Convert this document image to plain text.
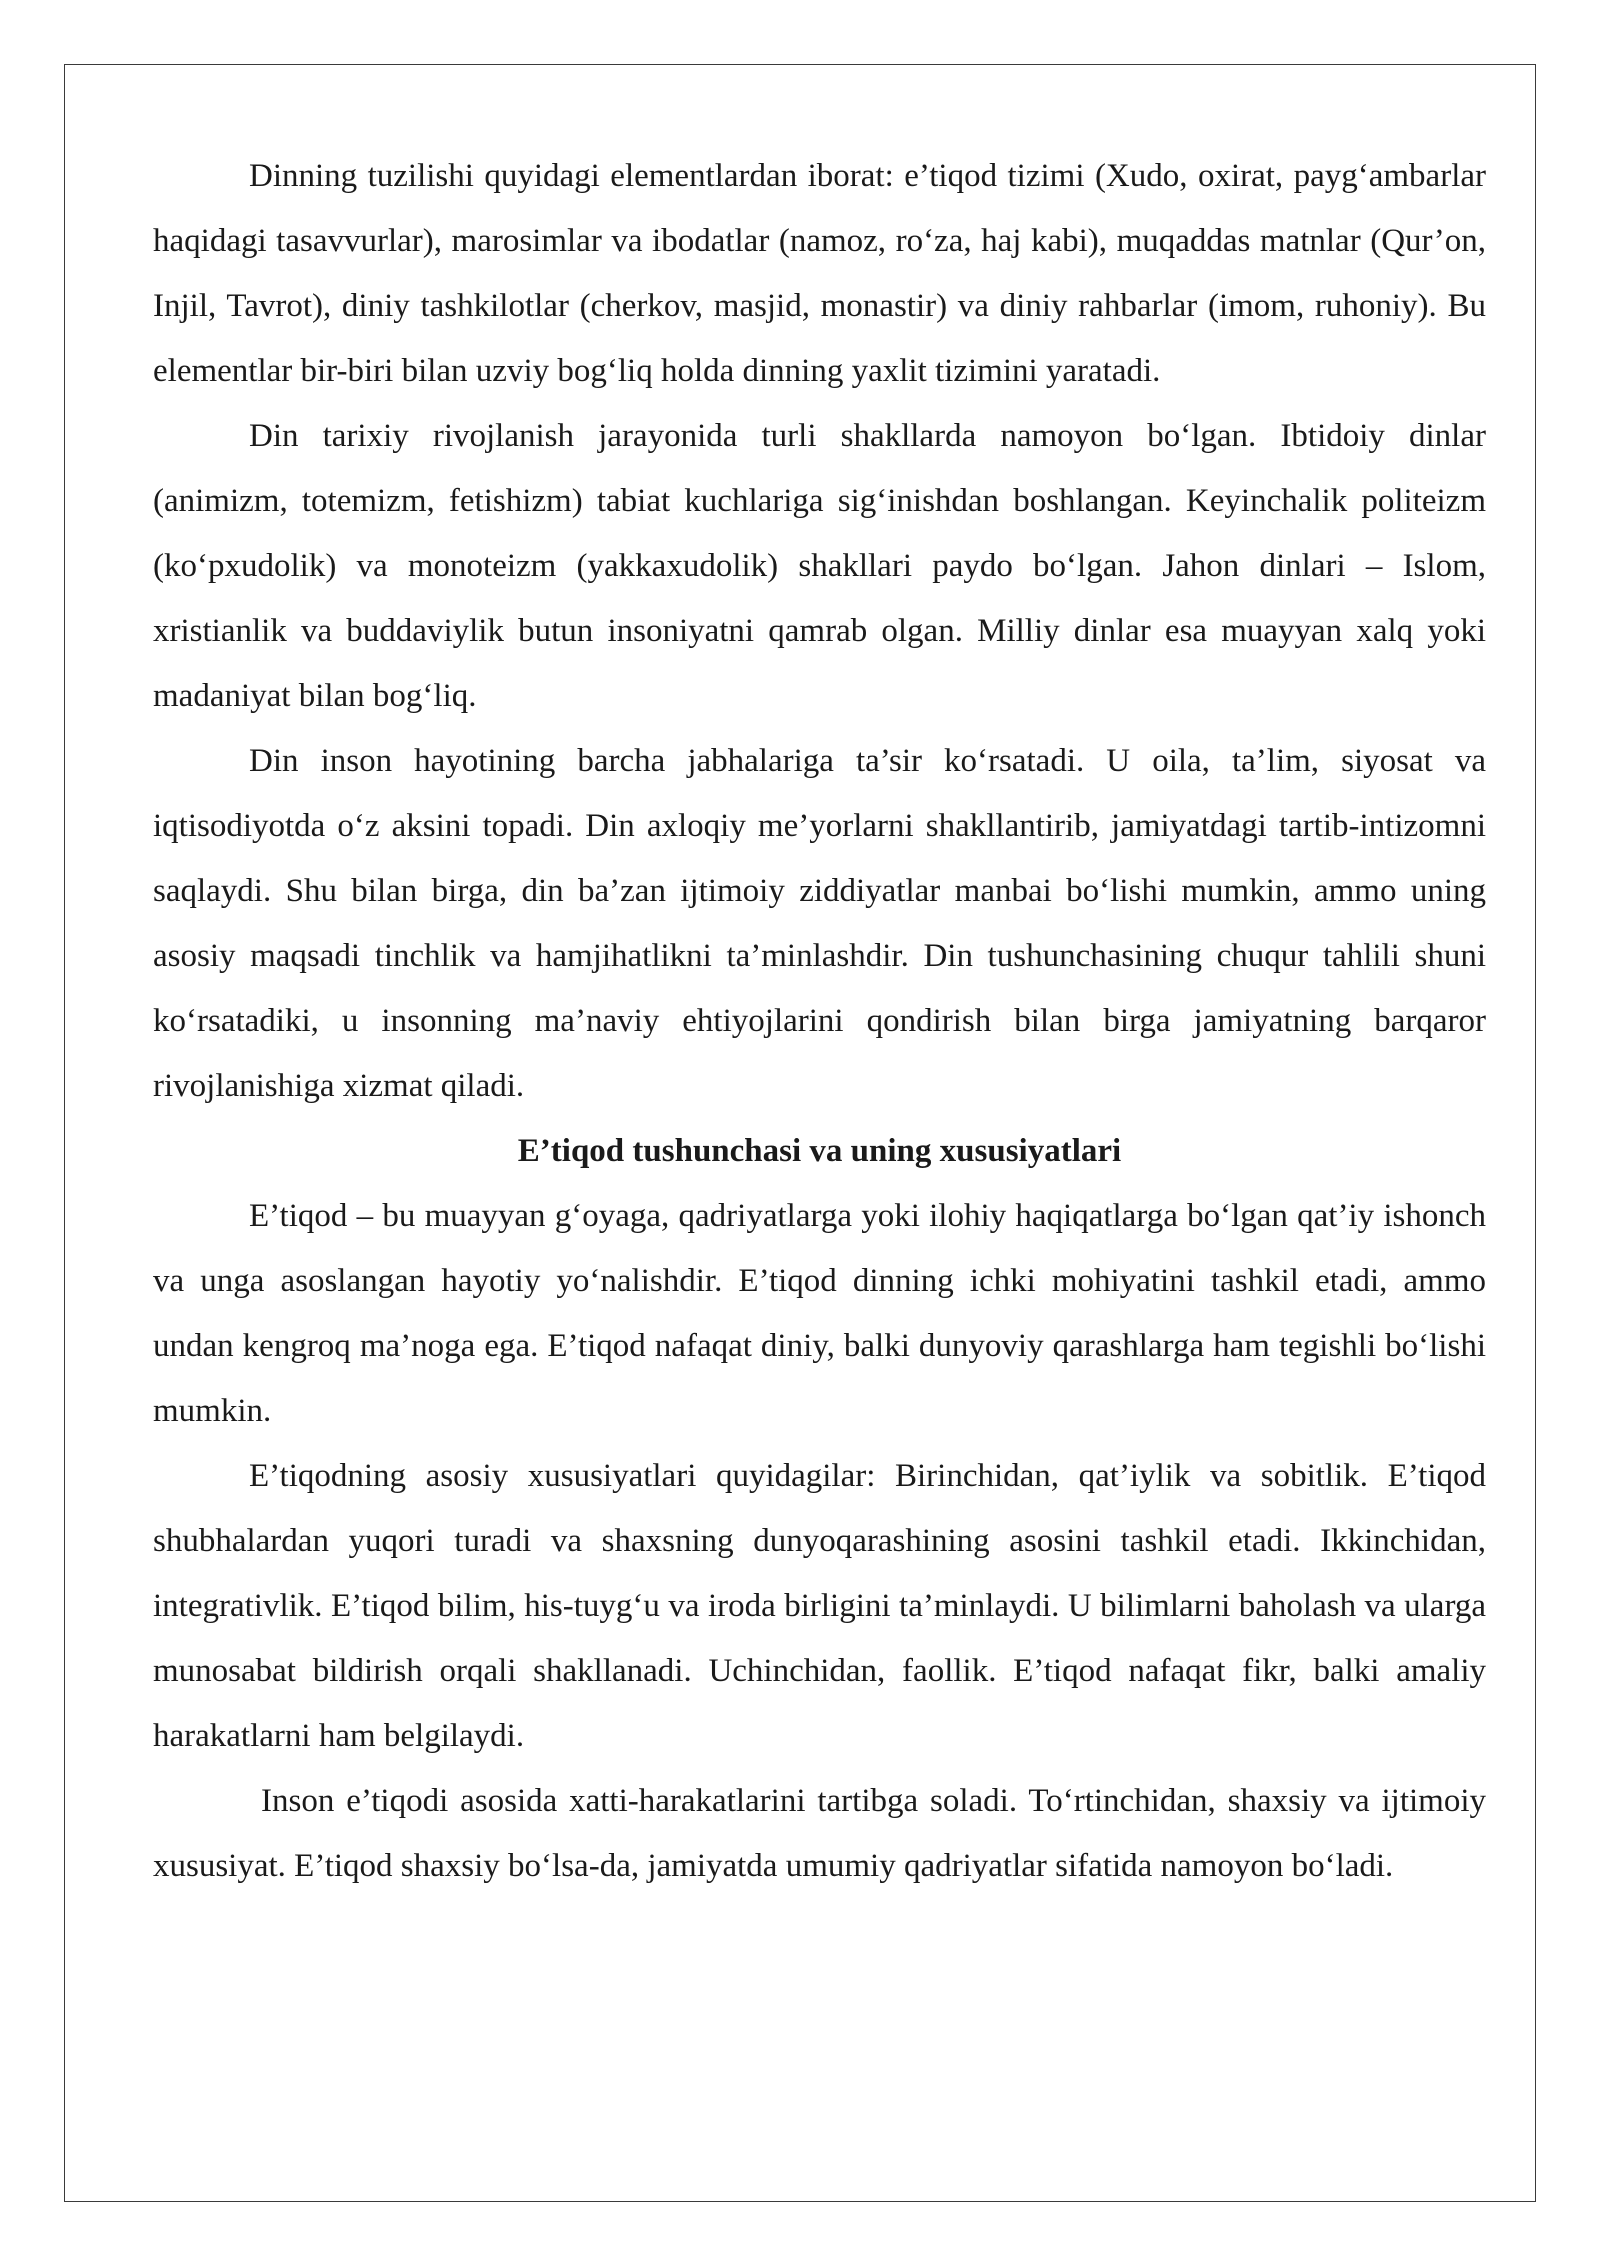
Dinning tuzilishi quyidagi elementlardan iborat: e’tiqod tizimi (Xudo, oxirat, payg‘ambarlar haqidagi tasavvurlar), marosimlar va ibodatlar (namoz, ro‘za, haj kabi), muqaddas matnlar (Qur’on, Injil, Tavrot), diniy tashkilotlar (cherkov, masjid, monastir) va diniy rahbarlar (imom, ruhoniy). Bu elementlar bir-biri bilan uzviy bog‘liq holda dinning yaxlit tizimini yaratadi.

Din tarixiy rivojlanish jarayonida turli shakllarda namoyon bo‘lgan. Ibtidoiy dinlar (animizm, totemizm, fetishizm) tabiat kuchlariga sig‘inishdan boshlangan. Keyinchalik politeizm (ko‘pxudolik) va monoteizm (yakkaxudolik) shakllari paydo bo‘lgan. Jahon dinlari – Islom, xristianlik va buddaviylik butun insoniyatni qamrab olgan. Milliy dinlar esa muayyan xalq yoki madaniyat bilan bog‘liq.

Din inson hayotining barcha jabhalariga ta’sir ko‘rsatadi. U oila, ta’lim, siyosat va iqtisodiyotda o‘z aksini topadi. Din axloqiy me’yorlarni shakllantirib, jamiyatdagi tartib-intizomni saqlaydi. Shu bilan birga, din ba’zan ijtimoiy ziddiyatlar manbai bo‘lishi mumkin, ammo uning asosiy maqsadi tinchlik va hamjihatlikni ta’minlashdir. Din tushunchasining chuqur tahlili shuni ko‘rsatadiki, u insonning ma’naviy ehtiyojlarini qondirish bilan birga jamiyatning barqaror rivojlanishiga xizmat qiladi.

E’tiqod tushunchasi va uning xususiyatlari

E’tiqod – bu muayyan g‘oyaga, qadriyatlarga yoki ilohiy haqiqatlarga bo‘lgan qat’iy ishonch va unga asoslangan hayotiy yo‘nalishdir. E’tiqod dinning ichki mohiyatini tashkil etadi, ammo undan kengroq ma’noga ega. E’tiqod nafaqat diniy, balki dunyoviy qarashlarga ham tegishli bo‘lishi mumkin.

E’tiqodning asosiy xususiyatlari quyidagilar: Birinchidan, qat’iylik va sobitlik. E’tiqod shubhalardan yuqori turadi va shaxsning dunyoqarashining asosini tashkil etadi. Ikkinchidan, integrativlik. E’tiqod bilim, his-tuyg‘u va iroda birligini ta’minlaydi. U bilimlarni baholash va ularga munosabat bildirish orqali shakllanadi. Uchinchidan, faollik. E’tiqod nafaqat fikr, balki amaliy harakatlarni ham belgilaydi.

Inson e’tiqodi asosida xatti-harakatlarini tartibga soladi. To‘rtinchidan, shaxsiy va ijtimoiy xususiyat. E’tiqod shaxsiy bo‘lsa-da, jamiyatda umumiy qadriyatlar sifatida namoyon bo‘ladi.
